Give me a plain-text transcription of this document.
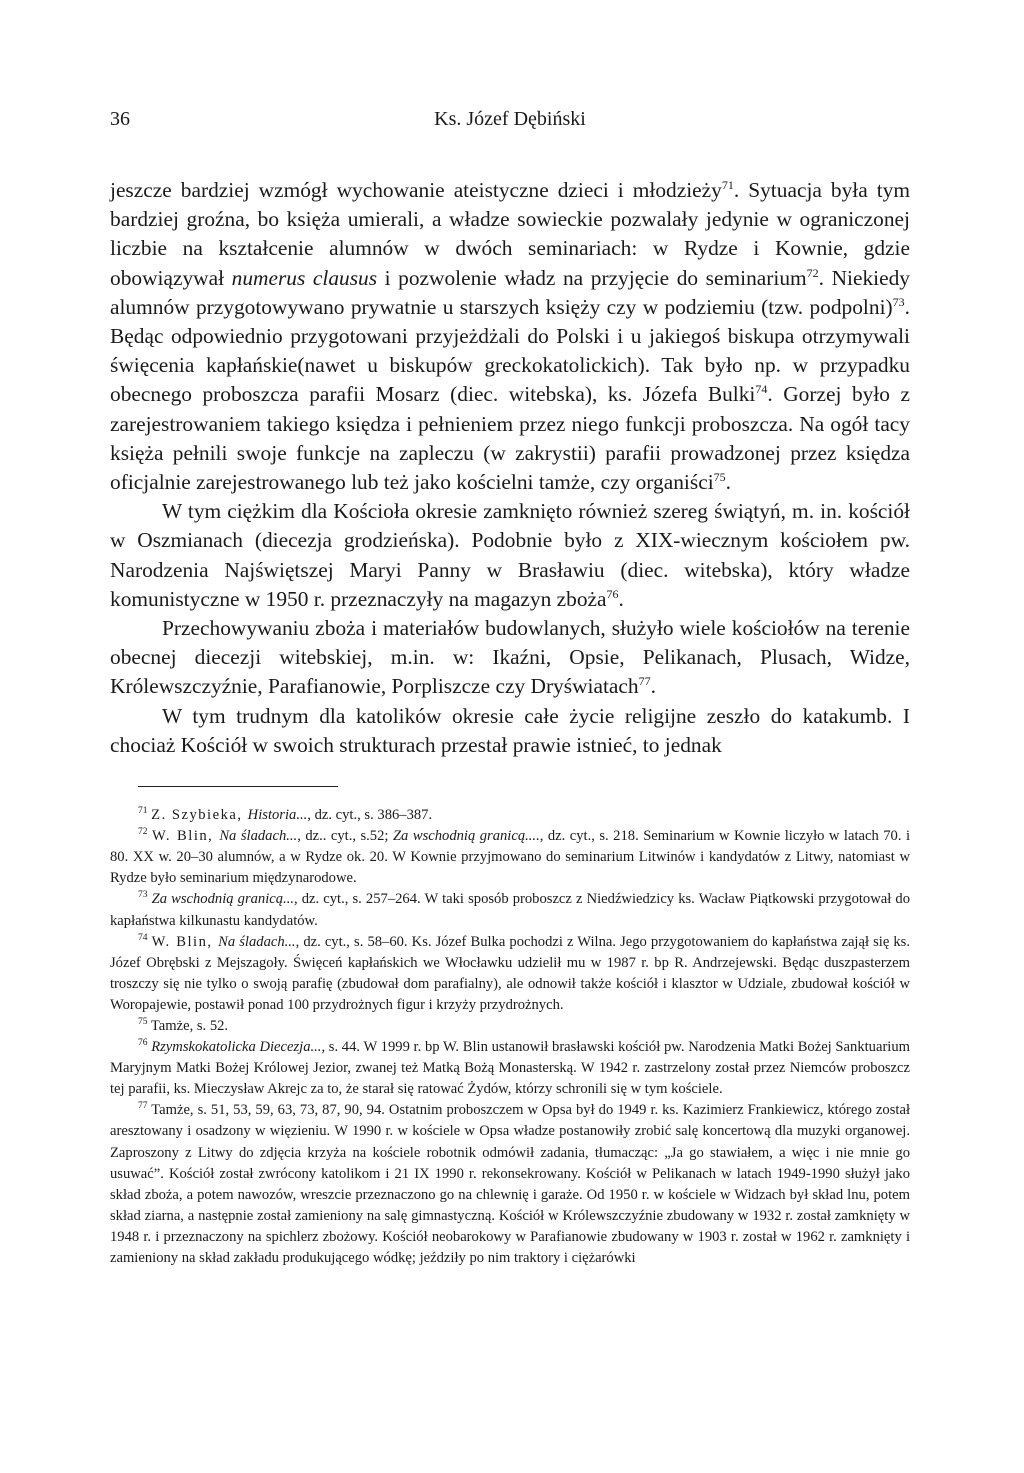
36	Ks. Józef Dębiński

jeszcze bardziej wzmógł wychowanie ateistyczne dzieci i młodzieży$^{71}$. Sytuacja była tym bardziej groźna, bo księża umierali, a władze sowieckie pozwalały jedynie w ograniczonej liczbie na kształcenie alumnów w dwóch seminariach: w Rydze i Kownie, gdzie obowiązywał numerus clausus i pozwolenie władz na przyjęcie do seminarium$^{72}$. Niekiedy alumnów przygotowywano prywatnie u starszych księży czy w podziemiu (tzw. podpolni)$^{73}$. Będąc odpowiednio przygotowani przyjeżdżali do Polski i u jakiegoś biskupa otrzymywali święcenia kapłańskie(nawet u biskupów greckokatolickich). Tak było np. w przypadku obecnego proboszcza parafii Mosarz (diec. witebska), ks. Józefa Bulki$^{74}$. Gorzej było z zarejestrowaniem takiego księdza i pełnieniem przez niego funkcji proboszcza. Na ogół tacy księża pełnili swoje funkcje na zapleczu (w zakrystii) parafii prowadzonej przez księdza oficjalnie zarejestrowanego lub też jako kościelni tamże, czy organiści$^{75}$.

W tym ciężkim dla Kościoła okresie zamknięto również szereg świątyń, m. in. kościół w Oszmianach (diecezja grodzieńska). Podobnie było z XIX-wiecznym kościołem pw. Narodzenia Najświętszej Maryi Panny w Brasławiu (diec. witebska), który władze komunistyczne w 1950 r. przeznaczyły na magazyn zboża$^{76}$.

Przechowywaniu zboża i materiałów budowlanych, służyło wiele kościołów na terenie obecnej diecezji witebskiej, m.in. w: Ikaźni, Opsie, Pelikanach, Plusach, Widze, Królewszczyźnie, Parafianowie, Porpliszcze czy Dryświatach$^{77}$.

W tym trudnym dla katolików okresie całe życie religijne zeszło do katakumb. I chociaż Kościół w swoich strukturach przestał prawie istnieć, to jednak

$^{71}$ Z. Szybieka, Historia..., dz. cyt., s. 386–387.

$^{72}$ W. Blin, Na śladach..., dz.. cyt., s.52; Za wschodnią granicą...., dz. cyt., s. 218. Seminarium w Kownie liczyło w latach 70. i 80. XX w. 20–30 alumnów, a w Rydze ok. 20. W Kownie przyjmowano do seminarium Litwinów i kandydatów z Litwy, natomiast w Rydze było seminarium międzynarodowe.

$^{73}$ Za wschodnią granicą..., dz. cyt., s. 257–264. W taki sposób proboszcz z Niedźwiedzicy ks. Wacław Piątkowski przygotował do kapłaństwa kilkunastu kandydatów.

$^{74}$ W. Blin, Na śladach..., dz. cyt., s. 58–60. Ks. Józef Bulka pochodzi z Wilna. Jego przygotowaniem do kapłaństwa zajął się ks. Józef Obrębski z Mejszagoły. Święceń kapłańskich we Włocławku udzielił mu w 1987 r. bp R. Andrzejewski. Będąc duszpasterzem troszczy się nie tylko o swoją parafię (zbudował dom parafialny), ale odnowił także kościół i klasztor w Udziale, zbudował kościół w Woropajewie, postawił ponad 100 przydrożnych figur i krzyży przydrożnych.

$^{75}$ Tamże, s. 52.

$^{76}$ Rzymskokatolicka Diecezja..., s. 44. W 1999 r. bp W. Blin ustanowił brasławski kościół pw. Narodzenia Matki Bożej Sanktuarium Maryjnym Matki Bożej Królowej Jezior, zwanej też Matką Bożą Monasterską. W 1942 r. zastrzelony został przez Niemców proboszcz tej parafii, ks. Mieczysław Akrejc za to, że starał się ratować Żydów, którzy schronili się w tym kościele.

$^{77}$ Tamże, s. 51, 53, 59, 63, 73, 87, 90, 94. Ostatnim proboszczem w Opsa był do 1949 r. ks. Kazimierz Frankiewicz, którego został aresztowany i osadzony w więzieniu. W 1990 r. w kościele w Opsa władze postanowiły zrobić salę koncertową dla muzyki organowej. Zaproszony z Litwy do zdjęcia krzyża na kościele robotnik odmówił zadania, tłumacząc: „Ja go stawiałem, a więc i nie mnie go usuwać”. Kościół został zwrócony katolikom i 21 IX 1990 r. rekonsekrowany. Kościół w Pelikanach w latach 1949-1990 służył jako skład zboża, a potem nawozów, wreszcie przeznaczono go na chlewnię i garaże. Od 1950 r. w kościele w Widzach był skład lnu, potem skład ziarna, a następnie został zamieniony na salę gimnastyczną. Kościół w Królewszczyźnie zbudowany w 1932 r. został zamknięty w 1948 r. i przeznaczony na spichlerz zbożowy. Kościół neobarokowy w Parafianowie zbudowany w 1903 r. został w 1962 r. zamknięty i zamieniony na skład zakładu produkującego wódkę; jeździły po nim traktory i ciężarówki
